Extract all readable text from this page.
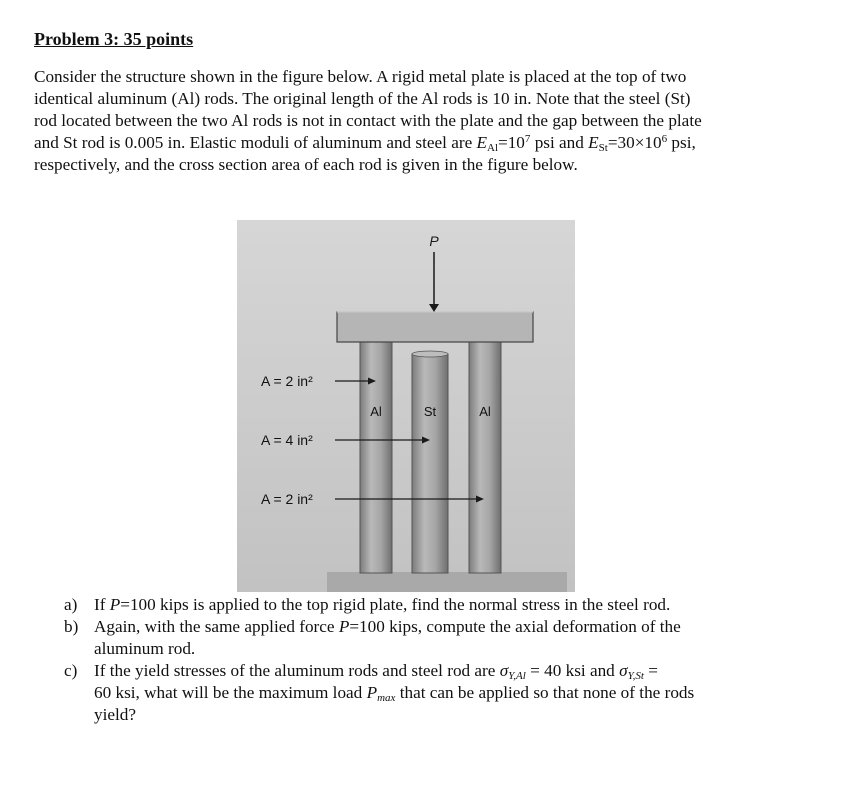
Problem 3: 35 points

Consider the structure shown in the figure below. A rigid metal plate is placed at the top of two

identical aluminum (Al) rods. The original length of the Al rods is 10 in. Note that the steel (St)

rod located between the two Al rods is not in contact with the plate and the gap between the plate

and St rod is 0.005 in. Elastic moduli of aluminum and steel are $E_{Al}=10^7$ psi and $E_{St}=30\times 10^6$ psi,

respectively, and the cross section area of each rod is given in the figure below.

P
Al	St	Al
A = 2 in²
A = 4 in²
A = 2 in²
a) If P=100 kips is applied to the top rigid plate, find the normal stress in the steel rod.

b) Again, with the same applied force P=100 kips, compute the axial deformation of the

aluminum rod.

c) If the yield stresses of the aluminum rods and steel rod are $\sigma_{Y,Al} = 40$ ksi and $\sigma_{Y,St}$ =

60 ksi, what will be the maximum load $P_{max}$ that can be applied so that none of the rods

yield?
